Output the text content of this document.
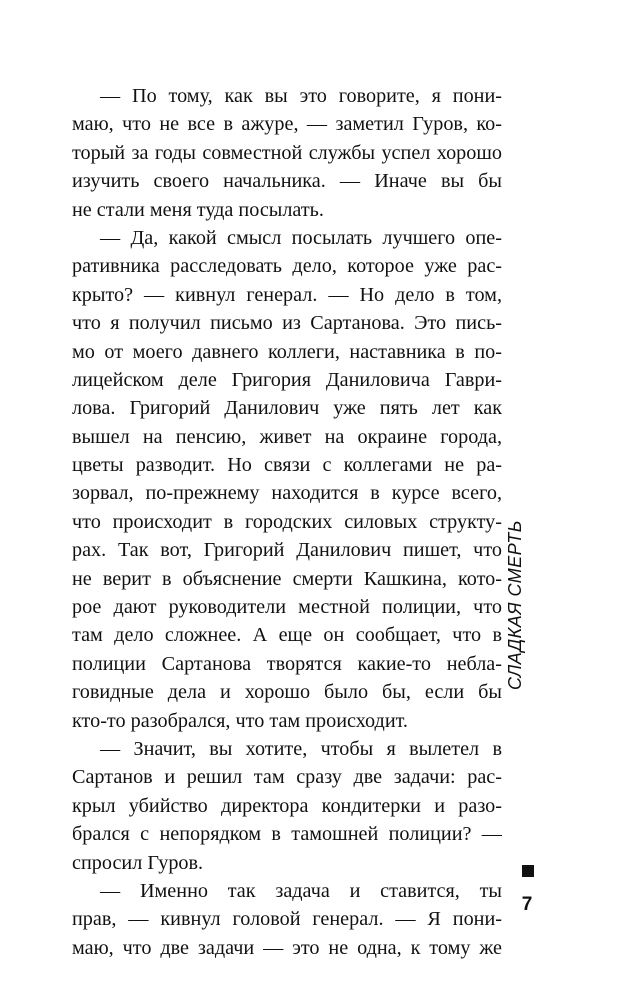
— По тому, как вы это говорите, я пони-
маю, что не все в ажуре, — заметил Гуров, ко-
торый за годы совместной службы успел хорошо
изучить своего начальника. — Иначе вы бы
не стали меня туда посылать.
— Да, какой смысл посылать лучшего опе-
ративника расследовать дело, которое уже рас-
крыто? — кивнул генерал. — Но дело в том,
что я получил письмо из Сартанова. Это пись-
мо от моего давнего коллеги, наставника в по-
лицейском деле Григория Даниловича Гаври-
лова. Григорий Данилович уже пять лет как
вышел на пенсию, живет на окраине города,
цветы разводит. Но связи с коллегами не ра-
зорвал, по-прежнему находится в курсе всего,
что происходит в городских силовых структу-
рах. Так вот, Григорий Данилович пишет, что
не верит в объяснение смерти Кашкина, кото-
рое дают руководители местной полиции, что
там дело сложнее. А еще он сообщает, что в
полиции Сартанова творятся какие-то небла-
говидные дела и хорошо было бы, если бы
кто-то разобрался, что там происходит.
— Значит, вы хотите, чтобы я вылетел в
Сартанов и решил там сразу две задачи: рас-
крыл убийство директора кондитерки и разо-
брался с непорядком в тамошней полиции? —
спросил Гуров.
— Именно так задача и ставится, ты
прав, — кивнул головой генерал. — Я пони-
маю, что две задачи — это не одна, к тому же
СЛАДКАЯ СМЕРТЬ
7
